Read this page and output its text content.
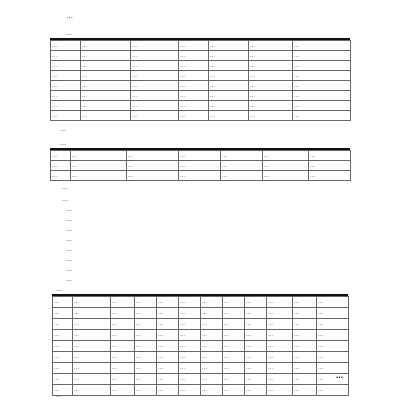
…
…
…	…	…	…	…	…	…
…	…	…	…	…	…	…
…	…	…	…	…	…	…
…	…	…	…	…	…	…
…	…	…	…	…	…	…
…	…	…	…	…	…	…
…	…	…	…	…	…	…
…	…	…	…	…	…	…
…
…
…	…	…	…	…	…	…
…	…	…	…	…	…	…
…	…	…	…	…	…	…
…
…
…
…
…
…
…
…
…
…
…
…	…	…	…	…	…	…	…	…	…	…	…
…	…	…	…	…	…	…	…	…	…	…	…
…	…	…	…	…	…	…	…	…	…	…	…
…	…	…	…	…	…	…	…	…	…	…	…
…	…	…	…	…	…	…	…	…	…	…	…
…	…	…	…	…	…	…	…	…	…	…	…
…	…	…	…	…	…	…	…	…	…	…	…
…	…	…	…	…	…	…	…	…	…	…	…
…	…	…	…	…	…	…	…	…	…	…	…
…
…
